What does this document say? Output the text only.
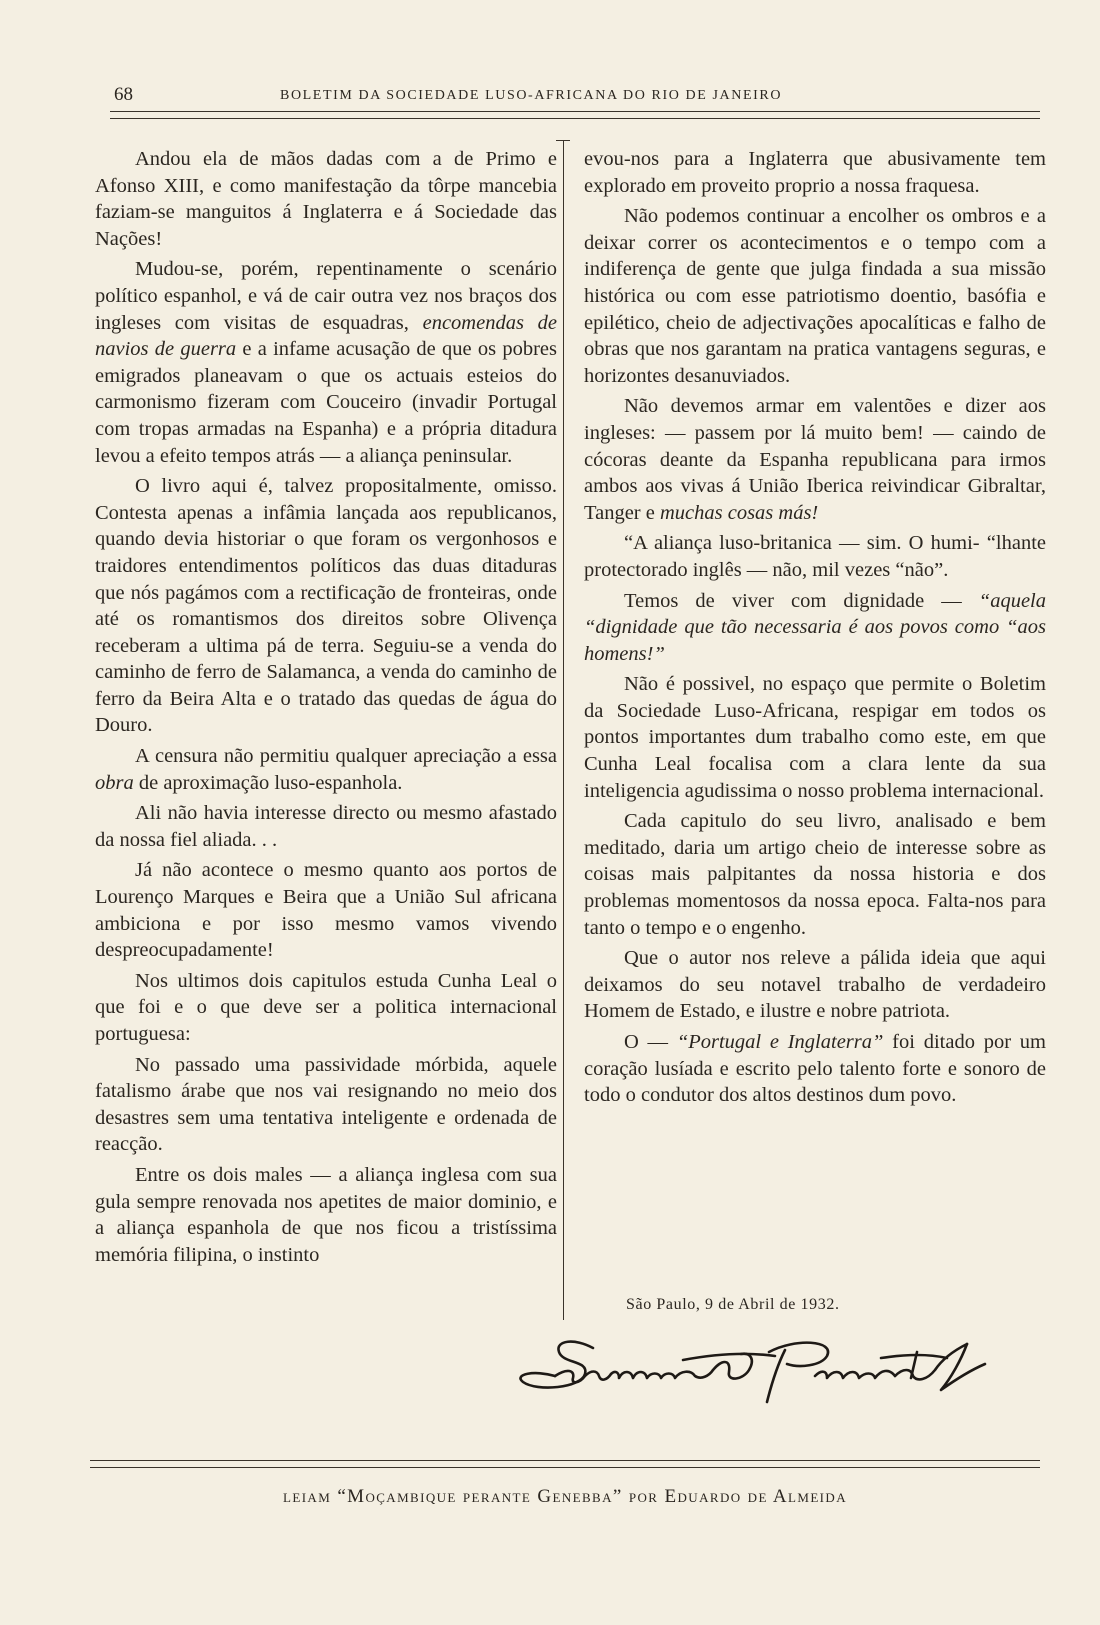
68	BOLETIM DA SOCIEDADE LUSO-AFRICANA DO RIO DE JANEIRO

Andou ela de mãos dadas com a de Primo e Afonso XIII, e como manifestação da tôrpe mancebia faziam-se manguitos á Inglaterra e á Sociedade das Nações!

Mudou-se, porém, repentinamente o scenário político espanhol, e vá de cair outra vez nos braços dos ingleses com visitas de esquadras, encomendas de navios de guerra e a infame acusação de que os pobres emigrados planeavam o que os actuais esteios do carmonismo fizeram com Couceiro (invadir Portugal com tropas armadas na Espanha) e a própria ditadura levou a efeito tempos atrás — a aliança peninsular.

O livro aqui é, talvez propositalmente, omisso. Contesta apenas a infâmia lançada aos republicanos, quando devia historiar o que foram os vergonhosos e traidores entendimentos políticos das duas ditaduras que nós pagámos com a rectificação de fronteiras, onde até os romantismos dos direitos sobre Olivença receberam a ultima pá de terra. Seguiu-se a venda do caminho de ferro de Salamanca, a venda do caminho de ferro da Beira Alta e o tratado das quedas de água do Douro.

A censura não permitiu qualquer apreciação a essa obra de aproximação luso-espanhola.

Ali não havia interesse directo ou mesmo afastado da nossa fiel aliada. . .

Já não acontece o mesmo quanto aos portos de Lourenço Marques e Beira que a União Sul africana ambiciona e por isso mesmo vamos vivendo despreocupadamente!

Nos ultimos dois capitulos estuda Cunha Leal o que foi e o que deve ser a politica internacional portuguesa:

No passado uma passividade mórbida, aquele fatalismo árabe que nos vai resignando no meio dos desastres sem uma tentativa inteligente e ordenada de reacção.

Entre os dois males — a aliança inglesa com sua gula sempre renovada nos apetites de maior dominio, e a aliança espanhola de que nos ficou a tristíssima memória filipina, o instinto

evou-nos para a Inglaterra que abusivamente tem explorado em proveito proprio a nossa fraquesa.

Não podemos continuar a encolher os ombros e a deixar correr os acontecimentos e o tempo com a indiferença de gente que julga findada a sua missão histórica ou com esse patriotismo doentio, basófia e epilético, cheio de adjectivações apocalíticas e falho de obras que nos garantam na pratica vantagens seguras, e horizontes desanuviados.

Não devemos armar em valentões e dizer aos ingleses: — passem por lá muito bem! — caindo de cócoras deante da Espanha republicana para irmos ambos aos vivas á União Iberica reivindicar Gibraltar, Tanger e muchas cosas más!

“A aliança luso-britanica — sim. O humi- “lhante protectorado inglês — não, mil vezes “não”.

Temos de viver com dignidade — “aquela “dignidade que tão necessaria é aos povos como “aos homens!”

Não é possivel, no espaço que permite o Boletim da Sociedade Luso-Africana, respigar em todos os pontos importantes dum trabalho como este, em que Cunha Leal focalisa com a clara lente da sua inteligencia agudissima o nosso problema internacional.

Cada capitulo do seu livro, analisado e bem meditado, daria um artigo cheio de interesse sobre as coisas mais palpitantes da nossa historia e dos problemas momentosos da nossa epoca. Falta-nos para tanto o tempo e o engenho.

Que o autor nos releve a pálida ideia que aqui deixamos do seu notavel trabalho de verdadeiro Homem de Estado, e ilustre e nobre patriota.

O — “Portugal e Inglaterra” foi ditado por um coração lusíada e escrito pelo talento forte e sonoro de todo o condutor dos altos destinos dum povo.

São Paulo, 9 de Abril de 1932.
leiam “Moçambique perante Genebba” por Eduardo de Almeida
